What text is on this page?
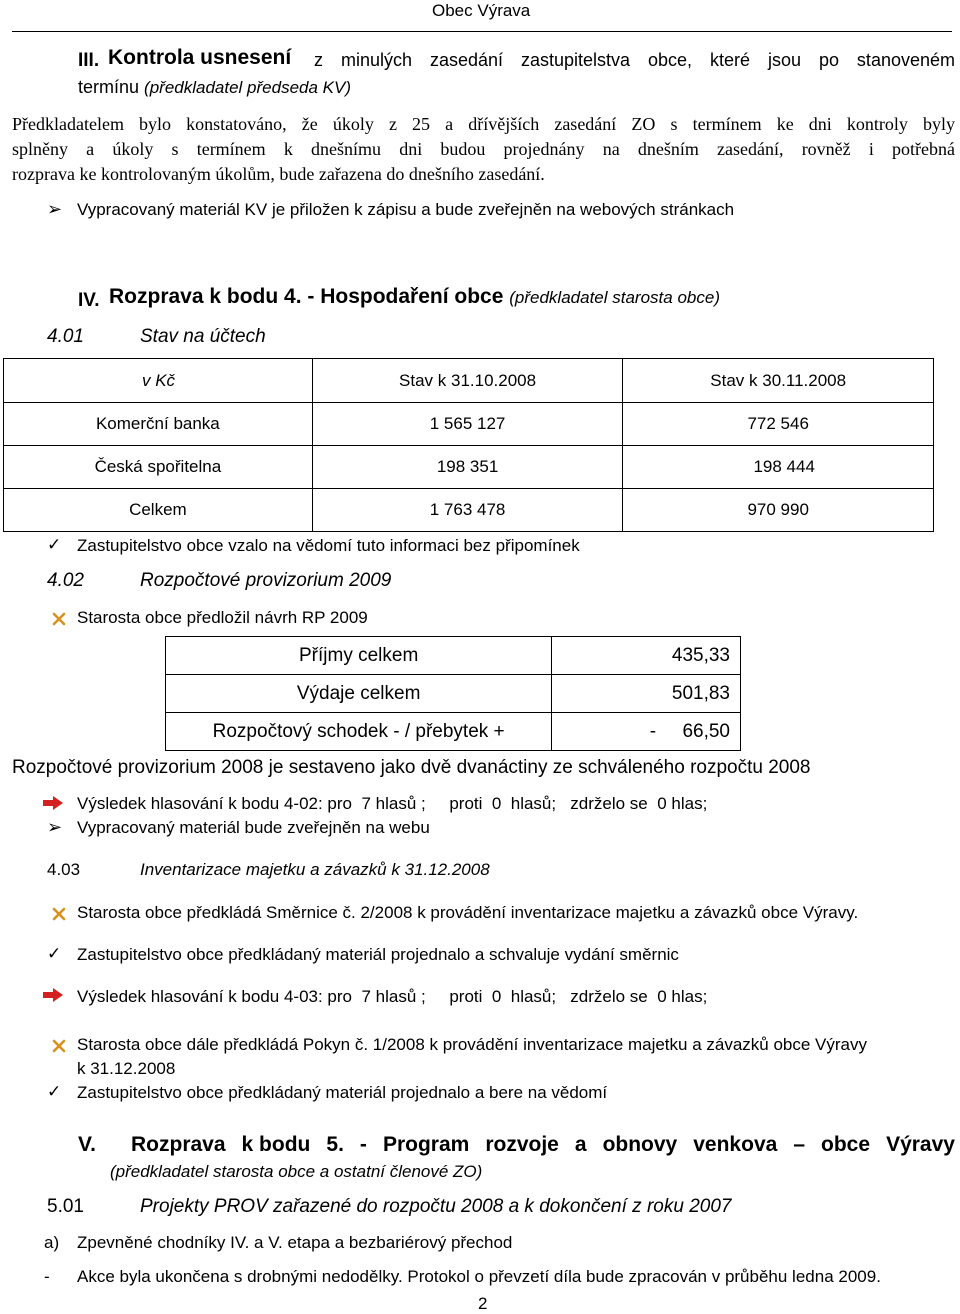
Obec Výrava
III. Kontrola usnesení z minulých zasedání zastupitelstva obce, které jsou po stanoveném
termínu (předkladatel předseda KV)
Předkladatelem bylo konstatováno, že úkoly z 25 a dřívějších zasedání ZO s termínem ke dni kontroly byly
splněny a úkoly s termínem k dnešnímu dni budou projednány na dnešním zasedání, rovněž i potřebná
rozprava ke kontrolovaným úkolům, bude zařazena do dnešního zasedání.
➢ Vypracovaný materiál KV je přiložen k zápisu a bude zveřejněn na webových stránkach
IV. Rozprava k bodu 4. - Hospodaření obce (předkladatel starosta obce)
4.01	Stav na účtech
v Kč	Stav k 31.10.2008	Stav k 30.11.2008
Komerční banka	1 565 127	772 546
Česká spořitelna	198 351	198 444
Celkem	1 763 478	970 990
✓ Zastupitelstvo obce vzalo na vědomí tuto informaci bez připomínek
4.02	Rozpočtové provizorium 2009
Starosta obce předložil návrh RP 2009
Příjmy celkem	435,33
Výdaje celkem	501,83
Rozpočtový schodek - / přebytek +	-     66,50
Rozpočtové provizorium 2008 je sestaveno jako dvě dvanáctiny ze schváleného rozpočtu 2008
Výsledek hlasování k bodu 4-02: pro  7 hlasů ;     proti  0  hlasů;   zdrželo se  0 hlas;
➢ Vypracovaný materiál bude zveřejněn na webu
4.03	Inventarizace majetku a závazků k 31.12.2008
Starosta obce předkládá Směrnice č. 2/2008 k provádění inventarizace majetku a závazků obce Výravy.
✓ Zastupitelstvo obce předkládaný materiál projednalo a schvaluje vydání směrnic
Výsledek hlasování k bodu 4-03: pro  7 hlasů ;     proti  0  hlasů;   zdrželo se  0 hlas;
Starosta obce dále předkládá Pokyn č. 1/2008 k provádění inventarizace majetku a závazků obce Výravy
k 31.12.2008
✓ Zastupitelstvo obce předkládaný materiál projednalo a bere na vědomí
V. Rozprava k bodu 5. - Program rozvoje a obnovy venkova – obce Výravy
(předkladatel starosta obce a ostatní členové ZO)
5.01	Projekty PROV zařazené do rozpočtu 2008 a k dokončení z roku 2007
a) Zpevněné chodníky IV. a V. etapa a bezbariérový přechod
- Akce byla ukončena s drobnými nedodělky. Protokol o převzetí díla bude zpracován v průběhu ledna 2009.
2
